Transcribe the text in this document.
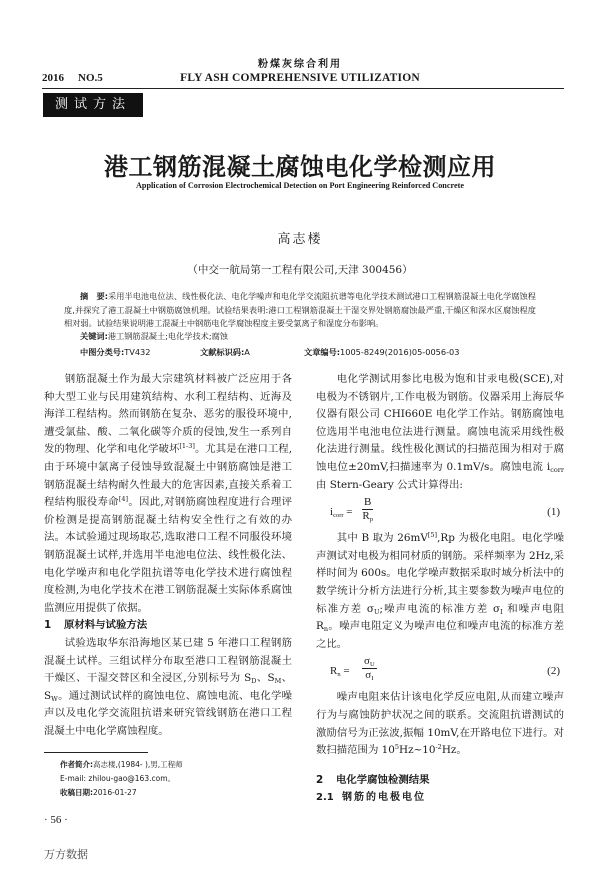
粉煤灰综合利用
2016 NO.5	FLY ASH COMPREHENSIVE UTILIZATION
测试方法
港工钢筋混凝土腐蚀电化学检测应用
Application of Corrosion Electrochemical Detection on Port Engineering Reinforced Concrete
高志楼
（中交一航局第一工程有限公司,天津 300456）
摘　要:采用半电池电位法、线性极化法、电化学噪声和电化学交流阻抗谱等电化学技术测试港口工程钢筋混凝土电化学腐蚀程度,并探究了港工混凝土中钢筋腐蚀机理。试验结果表明:港口工程钢筋混凝土干湿交界处钢筋腐蚀最严重,干燥区和深水区腐蚀程度相对弱。试验结果说明港工混凝土中钢筋电化学腐蚀程度主要受氯离子和湿度分布影响。
关键词:港工钢筋混凝土;电化学技术;腐蚀
中图分类号:TV432	文献标识码:A	文章编号:1005-8249(2016)05-0056-03

钢筋混凝土作为最大宗建筑材料被广泛应用于各种大型工业与民用建筑结构、水利工程结构、近海及海洋工程结构。然而钢筋在复杂、恶劣的服役环境中,遭受氯盐、酸、二氧化碳等介质的侵蚀,发生一系列自发的物理、化学和电化学破坏[1-3]。尤其是在港口工程,由于环境中氯离子侵蚀导致混凝土中钢筋腐蚀是港工钢筋混凝土结构耐久性最大的危害因素,直接关系着工程结构服役寿命[4]。因此,对钢筋腐蚀程度进行合理评价检测是提高钢筋混凝土结构安全性行之有效的办法。本试验通过现场取芯,选取港口工程不同服役环境钢筋混凝土试样,并选用半电池电位法、线性极化法、电化学噪声和电化学阻抗谱等电化学技术进行腐蚀程度检测,为电化学技术在港工钢筋混凝土实际体系腐蚀监测应用提供了依据。

1 原材料与试验方法

试验选取华东沿海地区某已建 5 年港口工程钢筋混凝土试样。三组试样分布取至港口工程钢筋混凝土干燥区、干湿交替区和全浸区,分别标号为 $S_D$、$S_M$、$S_W$。通过测试试样的腐蚀电位、腐蚀电流、电化学噪声以及电化学交流阻抗谱来研究管线钢筋在港口工程混凝土中电化学腐蚀程度。

作者简介:高志楼,(1984- ),男,工程师
E-mail: zhilou-gao@163.com。
收稿日期:2016-01-27
· 56 ·
万方数据

电化学测试用参比电极为饱和甘汞电极(SCE),对电极为不锈钢片,工作电极为钢筋。仪器采用上海辰华仪器有限公司 CHI660E 电化学工作站。钢筋腐蚀电位选用半电池电位法进行测量。腐蚀电流采用线性极化法进行测量。线性极化测试的扫描范围为相对于腐蚀电位±20mV,扫描速率为 0.1mV/s。腐蚀电流 $i_{corr}$由 Stern-Geary 公式计算得出:

$i_{corr} = \frac{B}{R_p}$	(1)

其中 B 取为 26mV[5],Rp 为极化电阻。电化学噪声测试对电极为相同材质的钢筋。采样频率为 2Hz,采样时间为 600s。电化学噪声数据采取时域分析法中的数学统计分析方法进行分析,其主要参数为噪声电位的标准方差 $\sigma_U$;噪声电流的标准方差 $\sigma_I$ 和噪声电阻 $R_n$。噪声电阻定义为噪声电位和噪声电流的标准方差之比。

$R_n = \frac{\sigma_U}{\sigma_I}$	(2)

噪声电阻来估计该电化学反应电阻,从而建立噪声行为与腐蚀防护状况之间的联系。交流阻抗谱测试的激励信号为正弦波,振幅 10mV,在开路电位下进行。对数扫描范围为 $10^5Hz\sim 10^{-2}Hz$。

2 电化学腐蚀检测结果

2.1 钢筋的电极电位
